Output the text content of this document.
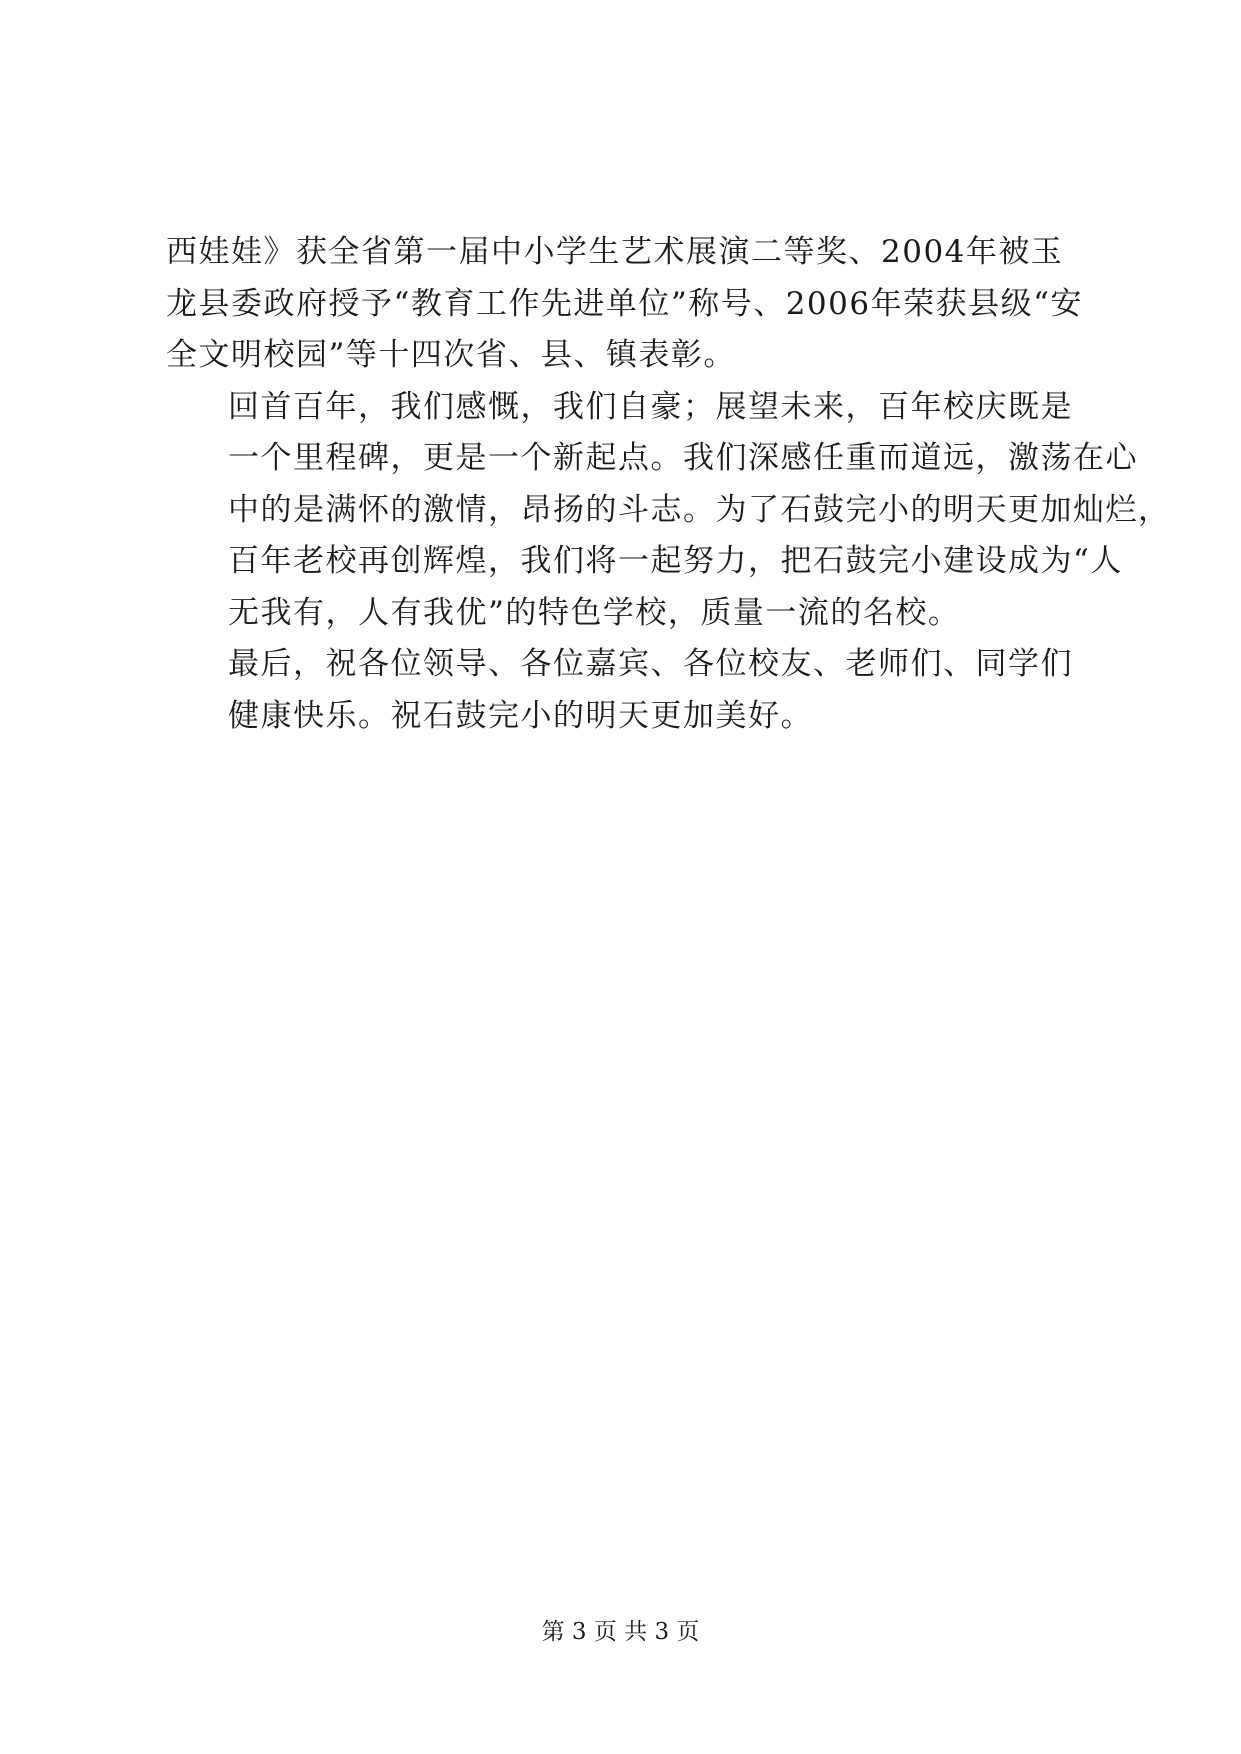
西娃娃》获全省第一届中小学生艺术展演二等奖、2004年被玉
龙县委政府授予“教育工作先进单位”称号、2006年荣获县级“安
全文明校园”等十四次省、县、镇表彰。

回首百年，我们感慨，我们自豪；展望未来，百年校庆既是
一个里程碑，更是一个新起点。我们深感任重而道远，激荡在心
中的是满怀的激情，昂扬的斗志。为了石鼓完小的明天更加灿烂，
百年老校再创辉煌，我们将一起努力，把石鼓完小建设成为“人
无我有，人有我优”的特色学校，质量一流的名校。

最后，祝各位领导、各位嘉宾、各位校友、老师们、同学们
健康快乐。祝石鼓完小的明天更加美好。

第 3 页 共 3 页
